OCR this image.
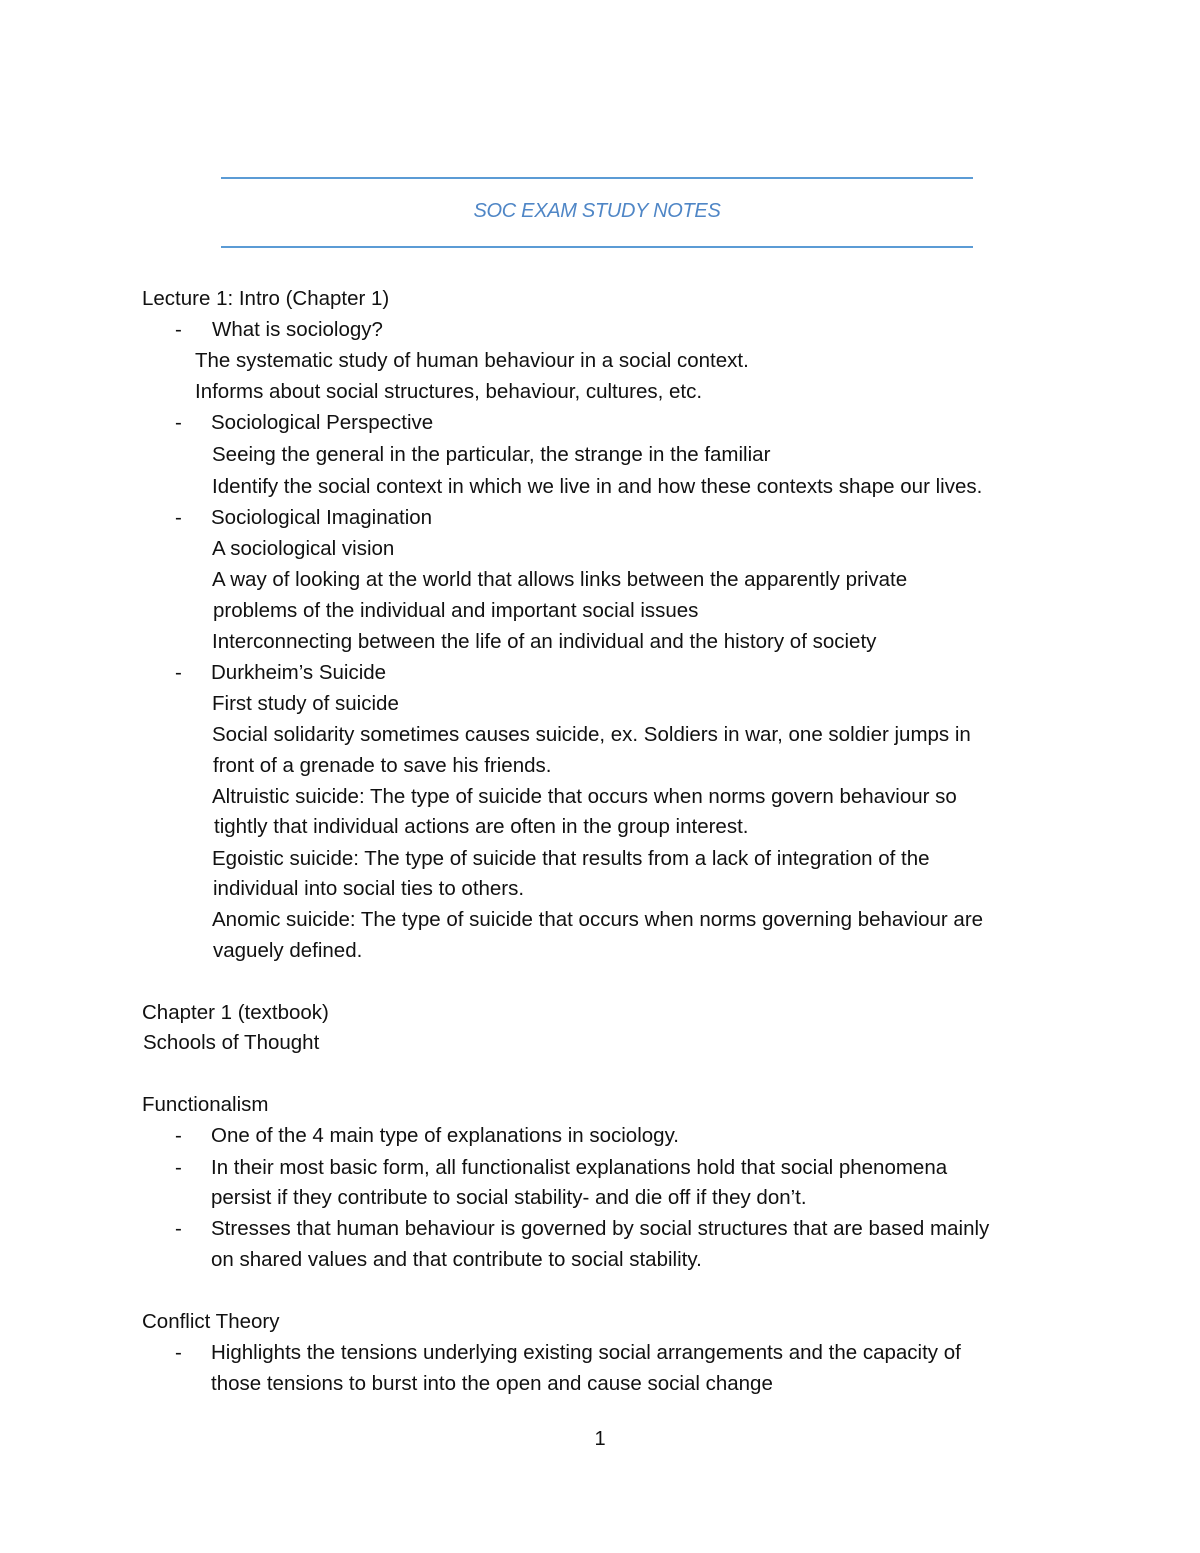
SOC EXAM STUDY NOTES
Lecture 1: Intro (Chapter 1)
- What is sociology?
The systematic study of human behaviour in a social context.
Informs about social structures, behaviour, cultures, etc.
- Sociological Perspective
Seeing the general in the particular, the strange in the familiar
Identify the social context in which we live in and how these contexts shape our lives.
- Sociological Imagination
A sociological vision
A way of looking at the world that allows links between the apparently private
problems of the individual and important social issues
Interconnecting between the life of an individual and the history of society
- Durkheim’s Suicide
First study of suicide
Social solidarity sometimes causes suicide, ex. Soldiers in war, one soldier jumps in
front of a grenade to save his friends.
Altruistic suicide: The type of suicide that occurs when norms govern behaviour so
tightly that individual actions are often in the group interest.
Egoistic suicide: The type of suicide that results from a lack of integration of the
individual into social ties to others.
Anomic suicide: The type of suicide that occurs when norms governing behaviour are
vaguely defined.
Chapter 1 (textbook)
Schools of Thought
Functionalism
- One of the 4 main type of explanations in sociology.
- In their most basic form, all functionalist explanations hold that social phenomena
persist if they contribute to social stability- and die off if they don’t.
- Stresses that human behaviour is governed by social structures that are based mainly
on shared values and that contribute to social stability.
Conflict Theory
- Highlights the tensions underlying existing social arrangements and the capacity of
those tensions to burst into the open and cause social change
1
